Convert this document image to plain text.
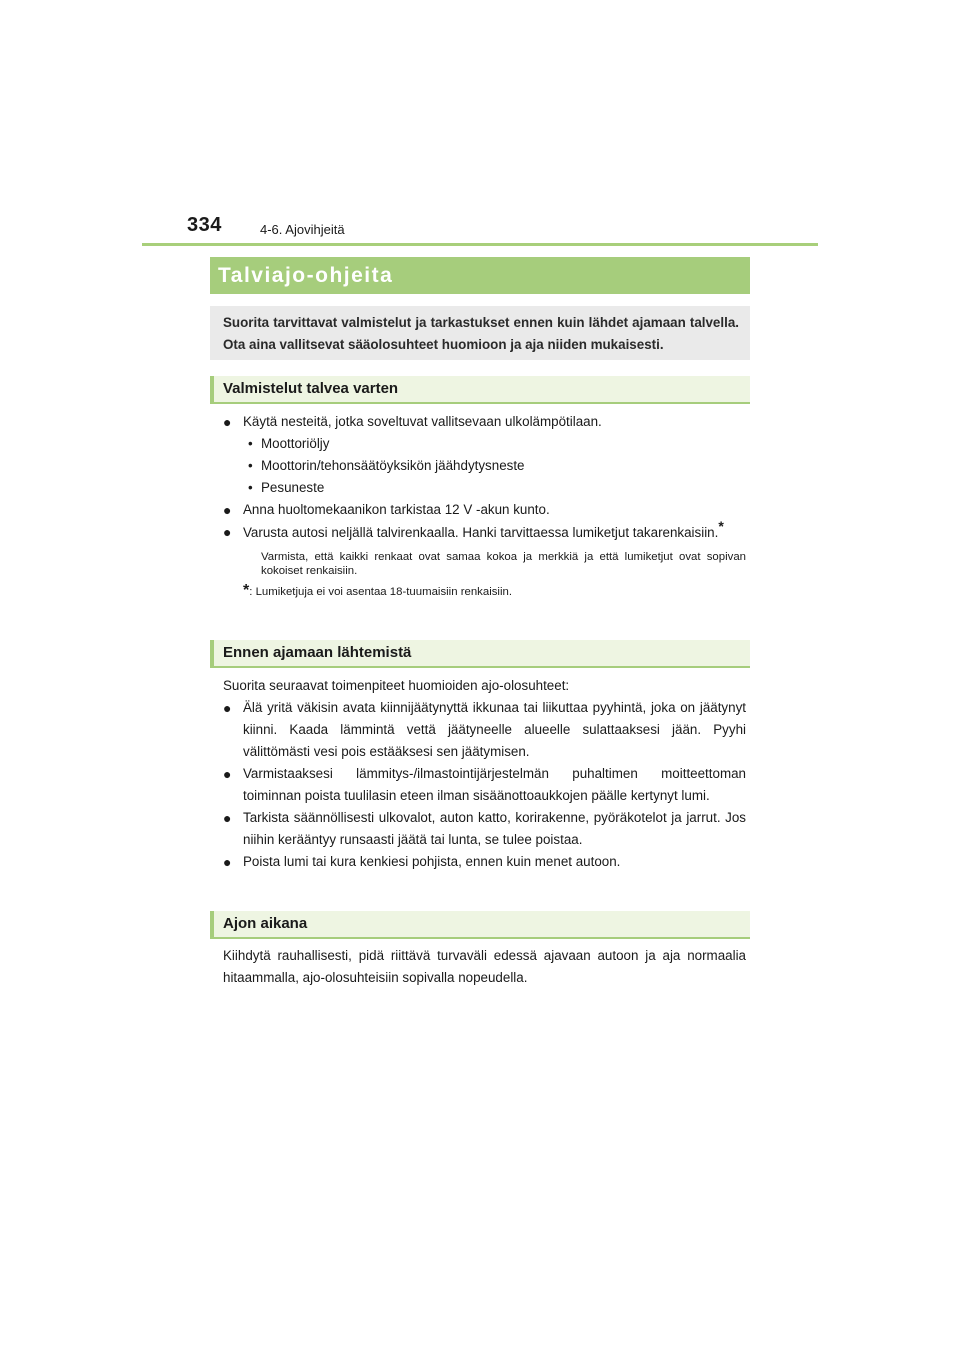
334	4-6. Ajovihjeitä
Talviajo-ohjeita
Suorita tarvittavat valmistelut ja tarkastukset ennen kuin lähdet ajamaan talvella. Ota aina vallitsevat sääolosuhteet huomioon ja aja niiden mukaisesti.
Valmistelut talvea varten
● Käytä nesteitä, jotka soveltuvat vallitsevaan ulkolämpötilaan.
• Moottoriöljy
• Moottorin/tehonsäätöyksikön jäähdytysneste
• Pesuneste
● Anna huoltomekaanikon tarkistaa 12 V -akun kunto.
● Varusta autosi neljällä talvirenkaalla. Hanki tarvittaessa lumiketjut takarenkaisiin.*
Varmista, että kaikki renkaat ovat samaa kokoa ja merkkiä ja että lumiketjut ovat sopivan kokoiset renkaisiin.
*: Lumiketjuja ei voi asentaa 18-tuumaisiin renkaisiin.
Ennen ajamaan lähtemistä
Suorita seuraavat toimenpiteet huomioiden ajo-olosuhteet:
● Älä yritä väkisin avata kiinnijäätynyttä ikkunaa tai liikuttaa pyyhintä, joka on jäätynyt kiinni. Kaada lämmintä vettä jäätyneelle alueelle sulattaaksesi jään. Pyyhi välittömästi vesi pois estääksesi sen jäätymisen.
● Varmistaaksesi lämmitys-/ilmastointijärjestelmän puhaltimen moitteettoman toiminnan poista tuulilasin eteen ilman sisäänottoaukkojen päälle kertynyt lumi.
● Tarkista säännöllisesti ulkovalot, auton katto, korirakenne, pyöräkotelot ja jarrut. Jos niihin kerääntyy runsaasti jäätä tai lunta, se tulee poistaa.
● Poista lumi tai kura kenkiesi pohjista, ennen kuin menet autoon.
Ajon aikana
Kiihdytä rauhallisesti, pidä riittävä turvaväli edessä ajavaan autoon ja aja normaalia hitaammalla, ajo-olosuhteisiin sopivalla nopeudella.
